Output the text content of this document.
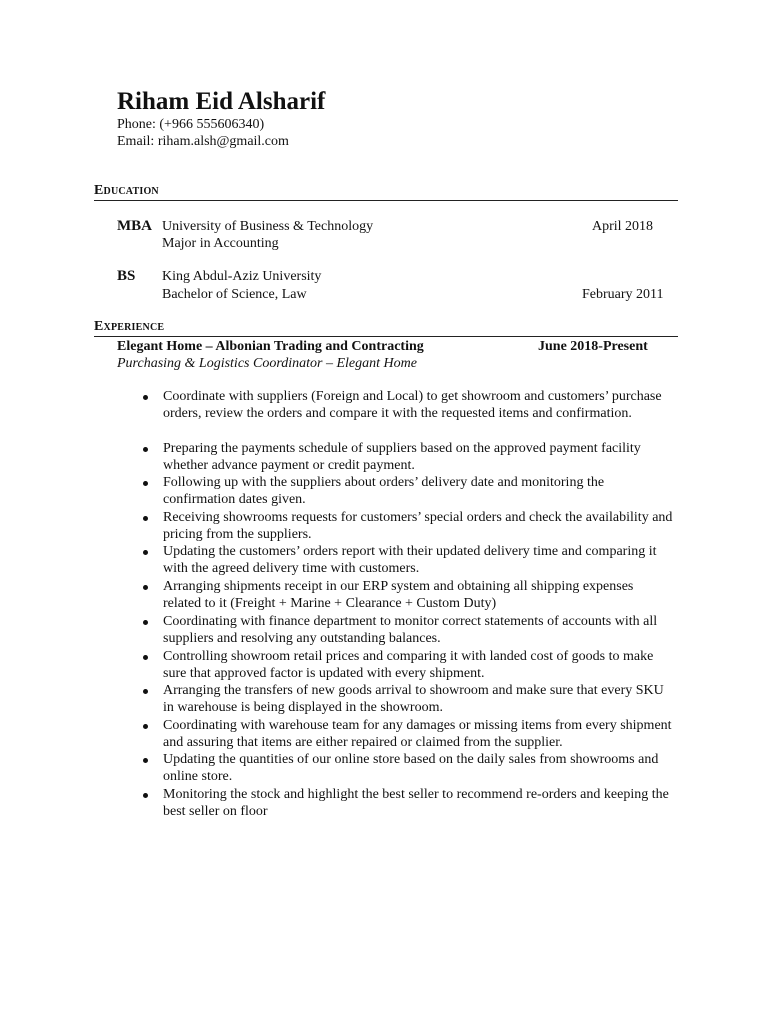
Riham Eid Alsharif
Phone: (+966 555606340)
Email: riham.alsh@gmail.com
Education
MBA University of Business & Technology
Major in Accounting
April 2018
BS King Abdul-Aziz University
Bachelor of Science, Law	February 2011
Experience
Elegant Home – Albonian Trading and Contracting	June 2018-Present
Purchasing & Logistics Coordinator – Elegant Home
Coordinate with suppliers (Foreign and Local) to get showroom and customers’ purchase orders, review the orders and compare it with the requested items and confirmation.
Preparing the payments schedule of suppliers based on the approved payment facility whether advance payment or credit payment.
Following up with the suppliers about orders’ delivery date and monitoring the confirmation dates given.
Receiving showrooms requests for customers’ special orders and check the availability and pricing from the suppliers.
Updating the customers’ orders report with their updated delivery time and comparing it with the agreed delivery time with customers.
Arranging shipments receipt in our ERP system and obtaining all shipping expenses related to it (Freight + Marine + Clearance + Custom Duty)
Coordinating with finance department to monitor correct statements of accounts with all suppliers and resolving any outstanding balances.
Controlling showroom retail prices and comparing it with landed cost of goods to make sure that approved factor is updated with every shipment.
Arranging the transfers of new goods arrival to showroom and make sure that every SKU in warehouse is being displayed in the showroom.
Coordinating with warehouse team for any damages or missing items from every shipment and assuring that items are either repaired or claimed from the supplier.
Updating the quantities of our online store based on the daily sales from showrooms and online store.
Monitoring the stock and highlight the best seller to recommend re-orders and keeping the best seller on floor
